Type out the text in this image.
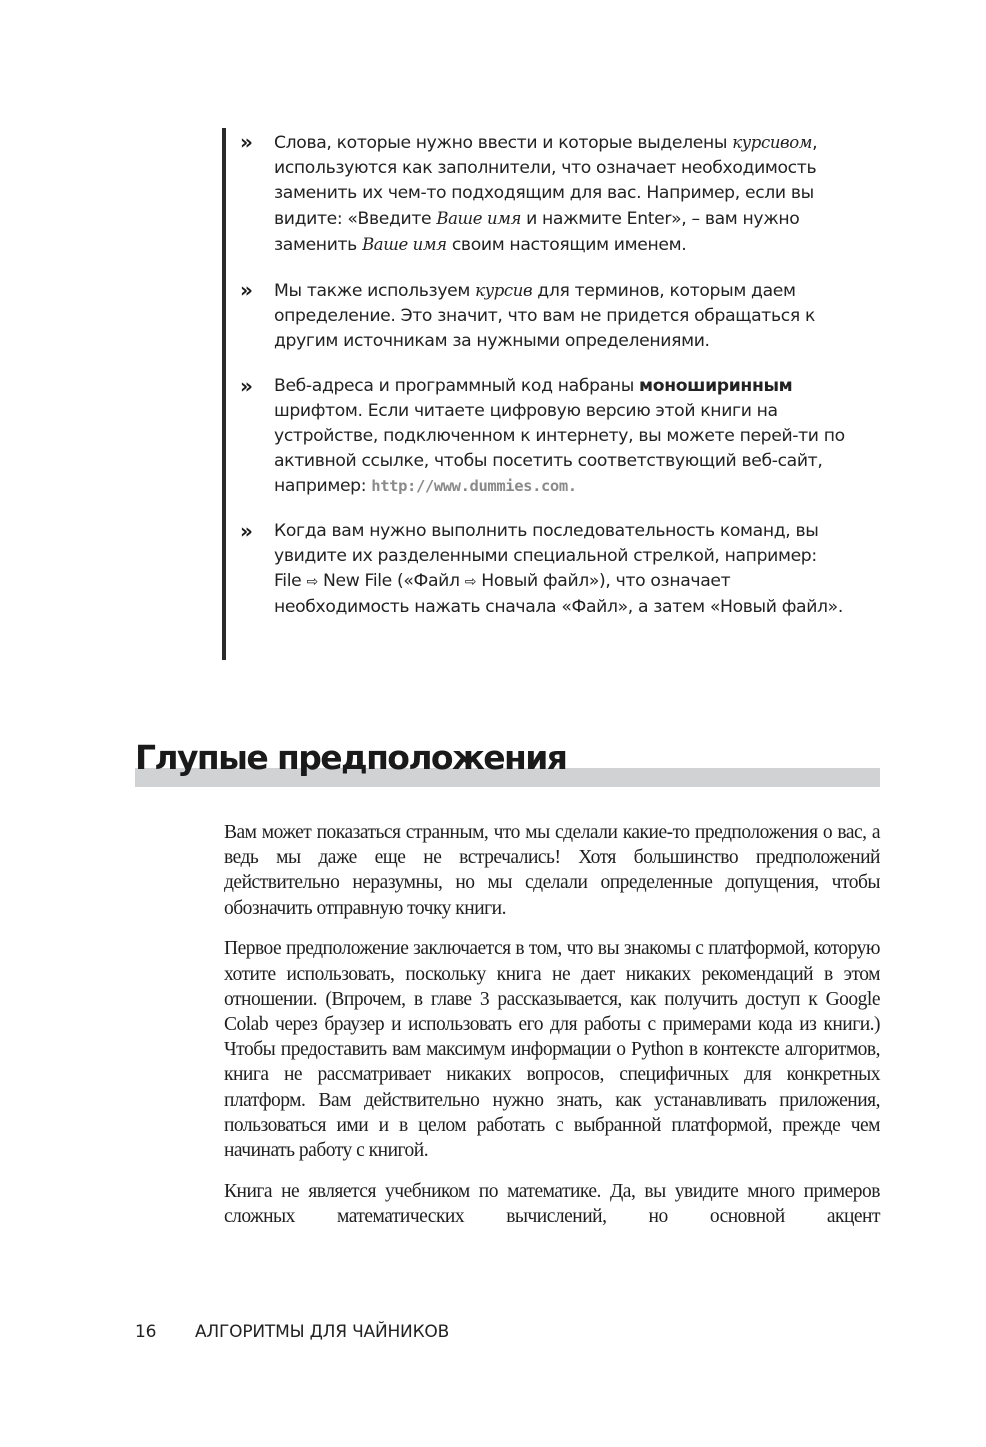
» Слова, которые нужно ввести и которые выделены курсивом, используются как заполнители, что означает необходимость заменить их чем-то подходящим для вас. Например, если вы видите: «Введите Ваше имя и нажмите Enter», – вам нужно заменить Ваше имя своим настоящим именем.
» Мы также используем курсив для терминов, которым даем определение. Это значит, что вам не придется обращаться к другим источникам за нужными определениями.
» Веб-адреса и программный код набраны моноширинным шрифтом. Если читаете цифровую версию этой книги на устройстве, подключенном к интернету, вы можете перей-ти по активной ссылке, чтобы посетить соответствующий веб-сайт, например: http://www.dummies.com.
» Когда вам нужно выполнить последовательность команд, вы увидите их разделенными специальной стрелкой, например: File ⇨ New File («Файл ⇨ Новый файл»), что означает необходимость нажать сначала «Файл», а затем «Новый файл».
Глупые предположения

Вам может показаться странным, что мы сделали какие-то предположения о вас, а ведь мы даже еще не встречались! Хотя большинство предположений действительно неразумны, но мы сделали определенные допущения, чтобы обозначить отправную точку книги.

Первое предположение заключается в том, что вы знакомы с платформой, которую хотите использовать, поскольку книга не дает никаких рекомендаций в этом отношении. (Впрочем, в главе 3 рассказывается, как получить доступ к Google Colab через браузер и использовать его для работы с примерами кода из книги.) Чтобы предоставить вам максимум информации о Python в контексте алгоритмов, книга не рассматривает никаких вопросов, специфичных для конкретных платформ. Вам действительно нужно знать, как устанавливать приложения, пользоваться ими и в целом работать с выбранной платформой, прежде чем начинать работу с книгой.

Книга не является учебником по математике. Да, вы увидите много примеров сложных математических вычислений, но основной акцент

16 АЛГОРИТМЫ ДЛЯ ЧАЙНИКОВ
